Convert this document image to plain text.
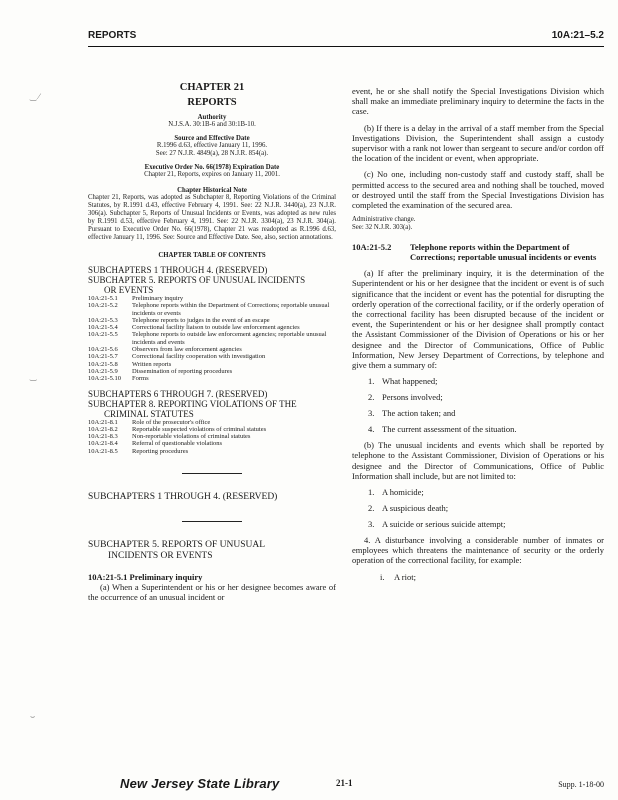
REPORTS	10A:21–5.2
‿ ⁄
‿
⌣
CHAPTER 21
REPORTS
Authority
N.J.S.A. 30:1B-6 and 30:1B-10.
Source and Effective Date
R.1996 d.63, effective January 11, 1996.
See: 27 N.J.R. 4849(a), 28 N.J.R. 854(a).
Executive Order No. 66(1978) Expiration Date
Chapter 21, Reports, expires on January 11, 2001.
Chapter Historical Note
Chapter 21, Reports, was adopted as Subchapter 8, Reporting Violations of the Criminal Statutes, by R.1991 d.43, effective February 4, 1991. See: 22 N.J.R. 3440(a), 23 N.J.R. 306(a). Subchapter 5, Reports of Unusual Incidents or Events, was adopted as new rules by R.1991 d.53, effective February 4, 1991. See: 22 N.J.R. 3304(a), 23 N.J.R. 304(a). Pursuant to Executive Order No. 66(1978), Chapter 21 was readopted as R.1996 d.63, effective January 11, 1996. See: Source and Effective Date. See, also, section annotations.
CHAPTER TABLE OF CONTENTS
SUBCHAPTERS 1 THROUGH 4. (RESERVED)
SUBCHAPTER 5. REPORTS OF UNUSUAL INCIDENTS
OR EVENTS
10A:21-5.1	Preliminary inquiry
10A:21-5.2	Telephone reports within the Department of Corrections; reportable unusual incidents or events
10A:21-5.3	Telephone reports to judges in the event of an escape
10A:21-5.4	Correctional facility liaison to outside law enforcement agencies
10A:21-5.5	Telephone reports to outside law enforcement agencies; reportable unusual incidents and events
10A:21-5.6	Observers from law enforcement agencies
10A:21-5.7	Correctional facility cooperation with investigation
10A:21-5.8	Written reports
10A:21-5.9	Dissemination of reporting procedures
10A:21-5.10	Forms
SUBCHAPTERS 6 THROUGH 7. (RESERVED)
SUBCHAPTER 8. REPORTING VIOLATIONS OF THE
CRIMINAL STATUTES
10A:21-8.1	Role of the prosecutor's office
10A:21-8.2	Reportable suspected violations of criminal statutes
10A:21-8.3	Non-reportable violations of criminal statutes
10A:21-8.4	Referral of questionable violations
10A:21-8.5	Reporting procedures
SUBCHAPTERS 1 THROUGH 4. (RESERVED)
SUBCHAPTER 5. REPORTS OF UNUSUAL
INCIDENTS OR EVENTS
10A:21-5.1 Preliminary inquiry

(a) When a Superintendent or his or her designee becomes aware of the occurrence of an unusual incident or

event, he or she shall notify the Special Investigations Division which shall make an immediate preliminary inquiry to determine the facts in the case.

(b) If there is a delay in the arrival of a staff member from the Special Investigations Division, the Superintendent shall assign a custody supervisor with a rank not lower than sergeant to secure and/or cordon off the location of the incident or event, when appropriate.

(c) No one, including non-custody staff and custody staff, shall be permitted access to the secured area and nothing shall be touched, moved or destroyed until the staff from the Special Investigations Division has completed the examination of the secured area.

Administrative change.
See: 32 N.J.R. 303(a).
10A:21-5.2	Telephone reports within the Department of Corrections; reportable unusual incidents or events

(a) If after the preliminary inquiry, it is the determination of the Superintendent or his or her designee that the incident or event is of such significance that the incident or event has the potential for disrupting the orderly operation of the correctional facility, or if the orderly operation of the correctional facility has been disrupted because of the incident or event, the Superintendent or his or her designee shall promptly contact the Assistant Commissioner of the Division of Operations or his or her designee and the Director of Communications, Office of Public Information, New Jersey Department of Corrections, by telephone and give them a summary of:

1. What happened;
2. Persons involved;
3. The action taken; and
4. The current assessment of the situation.

(b) The unusual incidents and events which shall be reported by telephone to the Assistant Commissioner, Division of Operations or his designee and the Director of Communications, Office of Public Information shall include, but are not limited to:

1. A homicide;
2. A suspicious death;
3. A suicide or serious suicide attempt;

4. A disturbance involving a considerable number of inmates or employees which threatens the maintenance of security or the orderly operation of the correctional facility, for example:

i.	A riot;
New Jersey State Library	21-1	Supp. 1-18-00
